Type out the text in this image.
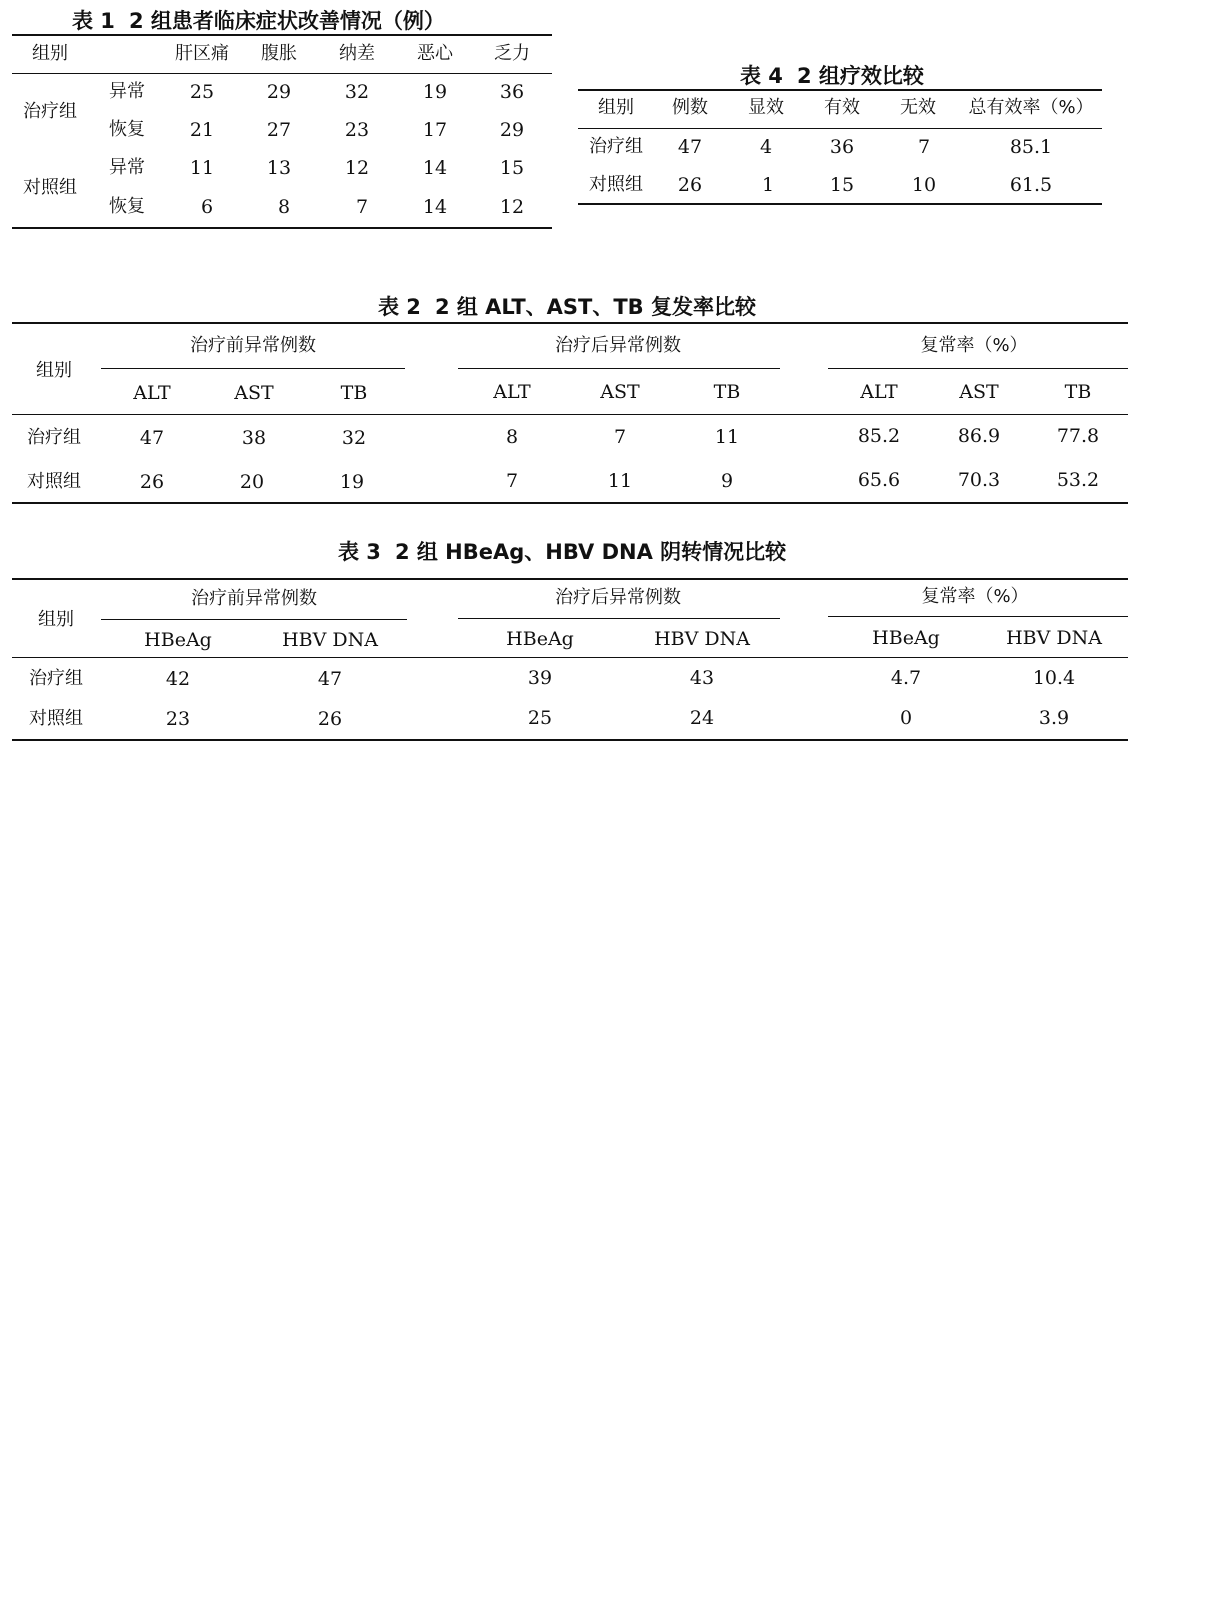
表 1 2 组患者临床症状改善情况（例）
组别	肝区痛 腹胀 纳差 恶心 乏力
治疗组
异常 25	29	32	19	36
恢复 21	27	23	17	29
对照组
异常 11	13	12	14	15
恢复	6	8	7	14	12
表 4 2 组疗效比较
组别 例数 显效 有效 无效 总有效率（%）
治疗组 47	4	36	7	85.1
对照组 26	1	15	10	61.5
表 2 2 组 ALT、AST、TB 复发率比较
组别
治疗前异常例数	治疗后异常例数	复常率（%）
ALT	AST	TB	ALT	AST	TB	ALT	AST	TB
治疗组	47	38	32	8	7	11	85.2	86.9	77.8
对照组	26	20	19	7	11	9	65.6	70.3	53.2
表 3 2 组 HBeAg、HBV DNA 阴转情况比较
组别
治疗前异常例数	治疗后异常例数	复常率（%）
HBeAg	HBV DNA	HBeAg	HBV DNA	HBeAg	HBV DNA
治疗组	42	47	39	43	4.7	10.4
对照组	23	26	25	24	0	3.9
